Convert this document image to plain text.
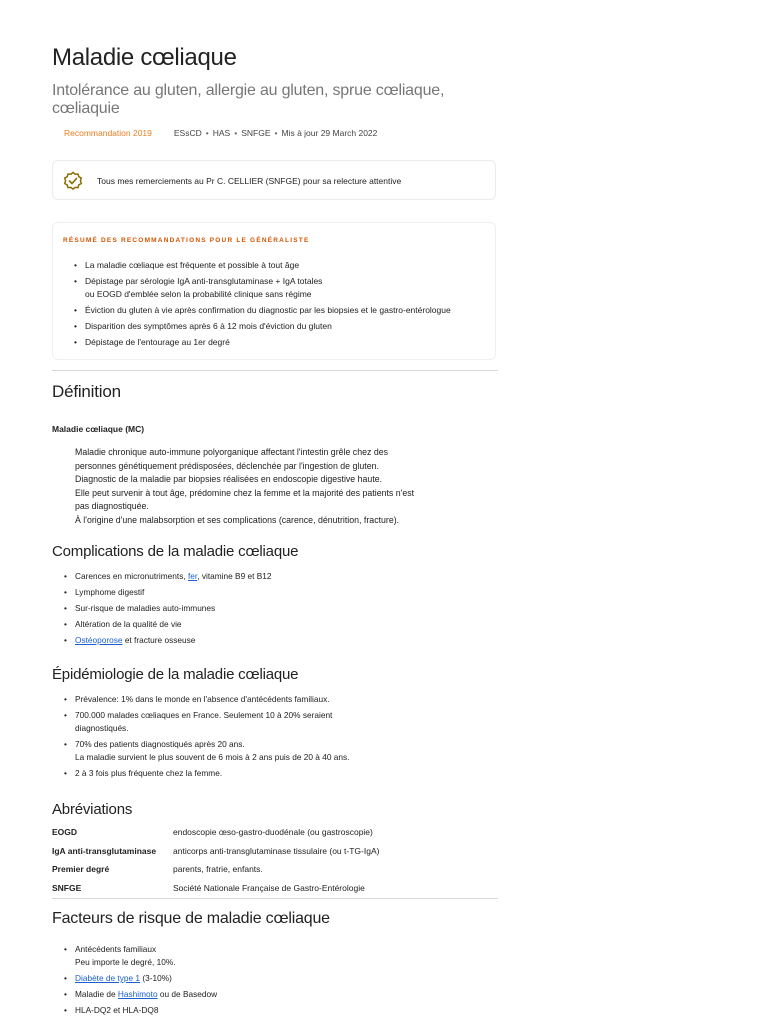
Maladie cœliaque
Intolérance au gluten, allergie au gluten, sprue cœliaque, cœliaquie
Recommandation 2019	ESsCD • HAS • SNFGE • Mis à jour 29 March 2022
Tous mes remerciements au Pr C. CELLIER (SNFGE) pour sa relecture attentive
RÉSUMÉ DES RECOMMANDATIONS POUR LE GÉNÉRALISTE
• La maladie cœliaque est fréquente et possible à tout âge
• Dépistage par sérologie IgA anti-transglutaminase + IgA totales
ou EOGD d'emblée selon la probabilité clinique sans régime
• Éviction du gluten à vie après confirmation du diagnostic par les biopsies et le gastro-entérologue
• Disparition des symptômes après 6 à 12 mois d'éviction du gluten
• Dépistage de l'entourage au 1er degré
Définition
Maladie cœliaque (MC)

Maladie chronique auto-immune polyorganique affectant l'intestin grêle chez des personnes génétiquement prédisposées, déclenchée par l'ingestion de gluten.

Diagnostic de la maladie par biopsies réalisées en endoscopie digestive haute.

Elle peut survenir à tout âge, prédomine chez la femme et la majorité des patients n'est pas diagnostiquée.

À l'origine d'une malabsorption et ses complications (carence, dénutrition, fracture).

Complications de la maladie cœliaque
• Carences en micronutriments, fer, vitamine B9 et B12
• Lymphome digestif
• Sur-risque de maladies auto-immunes
• Altération de la qualité de vie
• Ostéoporose et fracture osseuse
Épidémiologie de la maladie cœliaque
• Prévalence: 1% dans le monde en l'absence d'antécédents familiaux.
• 700.000 malades cœliaques en France. Seulement 10 à 20% seraient
diagnostiqués.
• 70% des patients diagnostiqués après 20 ans.
La maladie survient le plus souvent de 6 mois à 2 ans puis de 20 à 40 ans.
• 2 à 3 fois plus fréquente chez la femme.
Abréviations
EOGD	endoscopie œso-gastro-duodénale (ou gastroscopie)
IgA anti-transglutaminase	anticorps anti-transglutaminase tissulaire (ou t-TG-IgA)
Premier degré	parents, fratrie, enfants.
SNFGE	Société Nationale Française de Gastro-Entérologie
Facteurs de risque de maladie cœliaque
• Antécédents familiaux
Peu importe le degré, 10%.
• Diabète de type 1 (3-10%)
• Maladie de Hashimoto ou de Basedow
• HLA-DQ2 et HLA-DQ8
